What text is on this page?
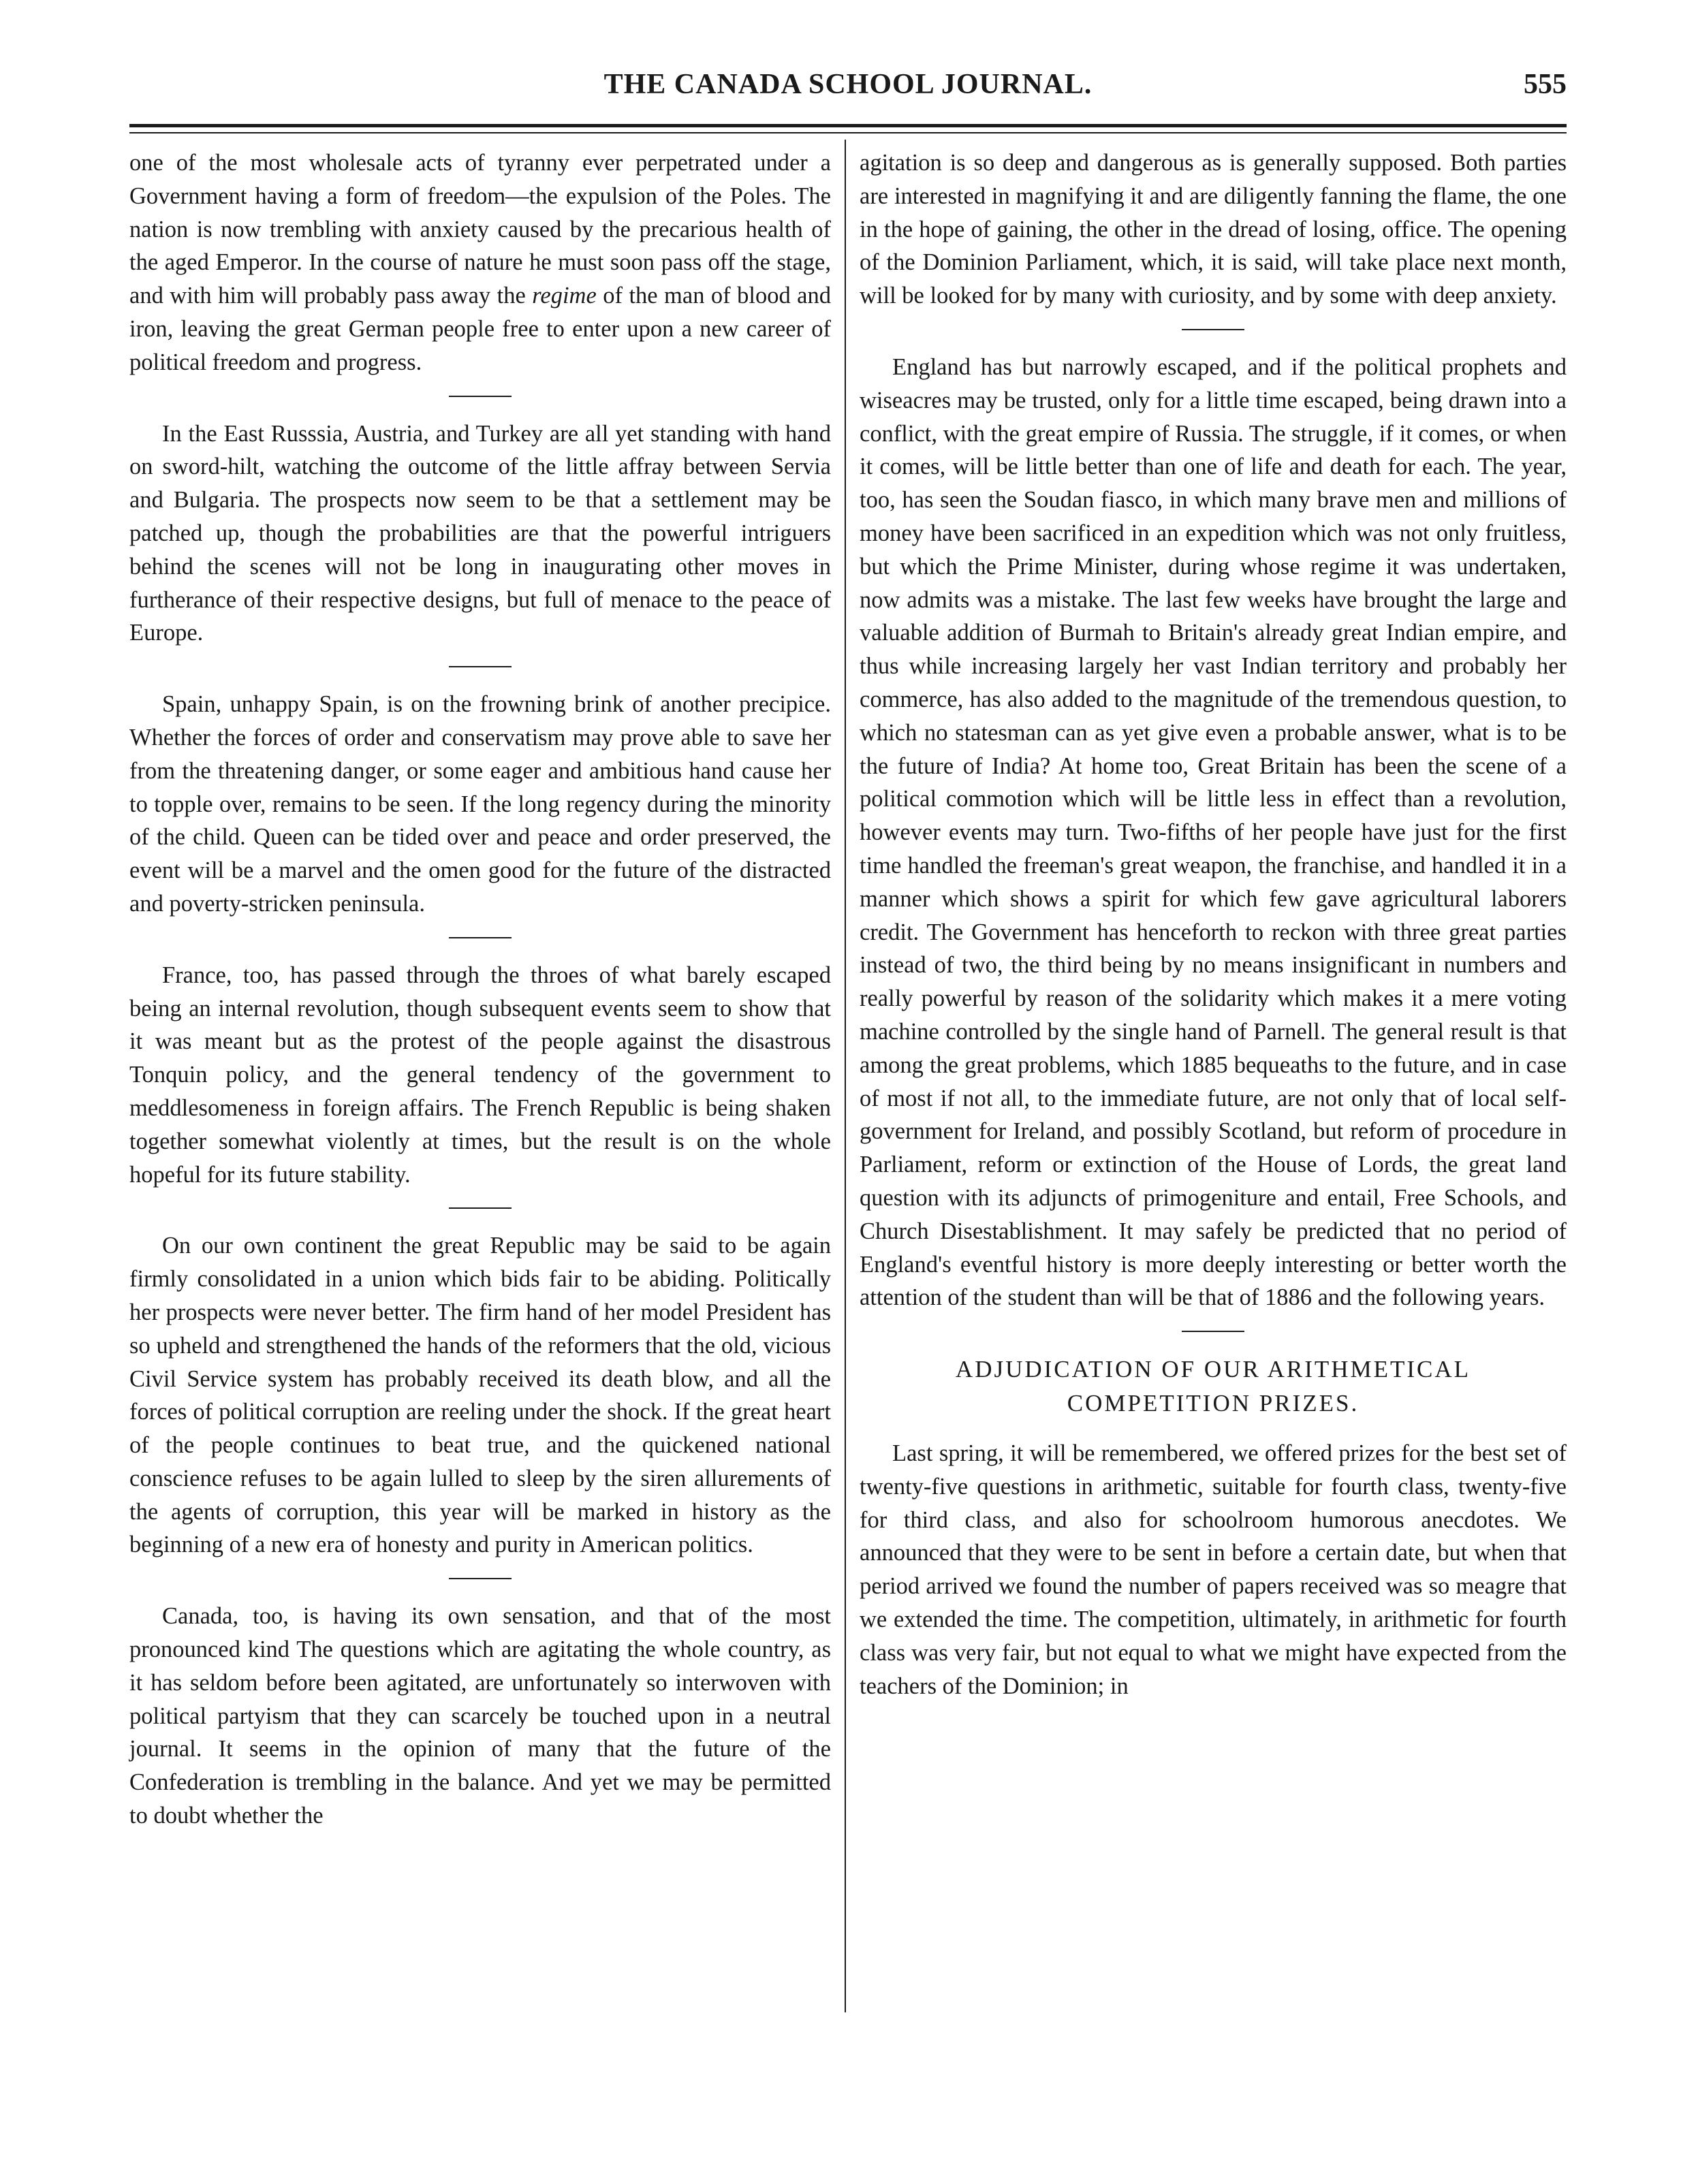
THE CANADA SCHOOL JOURNAL.	555

one of the most wholesale acts of tyranny ever perpetrated under a Government having a form of freedom—the expulsion of the Poles. The nation is now trembling with anxiety caused by the precarious health of the aged Emperor. In the course of nature he must soon pass off the stage, and with him will probably pass away the regime of the man of blood and iron, leaving the great German people free to enter upon a new career of political freedom and progress.

In the East Russsia, Austria, and Turkey are all yet standing with hand on sword-hilt, watching the outcome of the little affray between Servia and Bulgaria. The prospects now seem to be that a settlement may be patched up, though the probabilities are that the powerful intriguers behind the scenes will not be long in inaugurating other moves in furtherance of their respective designs, but full of menace to the peace of Europe.

Spain, unhappy Spain, is on the frowning brink of another precipice. Whether the forces of order and conservatism may prove able to save her from the threatening danger, or some eager and ambitious hand cause her to topple over, remains to be seen. If the long regency during the minority of the child. Queen can be tided over and peace and order preserved, the event will be a marvel and the omen good for the future of the distracted and poverty-stricken peninsula.

France, too, has passed through the throes of what barely escaped being an internal revolution, though subsequent events seem to show that it was meant but as the protest of the people against the disastrous Tonquin policy, and the general tendency of the government to meddlesomeness in foreign affairs. The French Republic is being shaken together somewhat violently at times, but the result is on the whole hopeful for its future stability.

On our own continent the great Republic may be said to be again firmly consolidated in a union which bids fair to be abiding. Politically her prospects were never better. The firm hand of her model President has so upheld and strengthened the hands of the reformers that the old, vicious Civil Service system has probably received its death blow, and all the forces of political corruption are reeling under the shock. If the great heart of the people continues to beat true, and the quickened national conscience refuses to be again lulled to sleep by the siren allurements of the agents of corruption, this year will be marked in history as the beginning of a new era of honesty and purity in American politics.

Canada, too, is having its own sensation, and that of the most pronounced kind The questions which are agitating the whole country, as it has seldom before been agitated, are unfortunately so interwoven with political partyism that they can scarcely be touched upon in a neutral journal. It seems in the opinion of many that the future of the Confederation is trembling in the balance. And yet we may be permitted to doubt whether the

agitation is so deep and dangerous as is generally supposed. Both parties are interested in magnifying it and are diligently fanning the flame, the one in the hope of gaining, the other in the dread of losing, office. The opening of the Dominion Parliament, which, it is said, will take place next month, will be looked for by many with curiosity, and by some with deep anxiety.

England has but narrowly escaped, and if the political prophets and wiseacres may be trusted, only for a little time escaped, being drawn into a conflict, with the great empire of Russia. The struggle, if it comes, or when it comes, will be little better than one of life and death for each. The year, too, has seen the Soudan fiasco, in which many brave men and millions of money have been sacrificed in an expedition which was not only fruitless, but which the Prime Minister, during whose regime it was undertaken, now admits was a mistake. The last few weeks have brought the large and valuable addition of Burmah to Britain's already great Indian empire, and thus while increasing largely her vast Indian territory and probably her commerce, has also added to the magnitude of the tremendous question, to which no statesman can as yet give even a probable answer, what is to be the future of India? At home too, Great Britain has been the scene of a political commotion which will be little less in effect than a revolution, however events may turn. Two-fifths of her people have just for the first time handled the freeman's great weapon, the franchise, and handled it in a manner which shows a spirit for which few gave agricultural laborers credit. The Government has henceforth to reckon with three great parties instead of two, the third being by no means insignificant in numbers and really powerful by reason of the solidarity which makes it a mere voting machine controlled by the single hand of Parnell. The general result is that among the great problems, which 1885 bequeaths to the future, and in case of most if not all, to the immediate future, are not only that of local self-government for Ireland, and possibly Scotland, but reform of procedure in Parliament, reform or extinction of the House of Lords, the great land question with its adjuncts of primogeniture and entail, Free Schools, and Church Disestablishment. It may safely be predicted that no period of England's eventful history is more deeply interesting or better worth the attention of the student than will be that of 1886 and the following years.

ADJUDICATION OF OUR ARITHMETICAL COMPETITION PRIZES.

Last spring, it will be remembered, we offered prizes for the best set of twenty-five questions in arithmetic, suitable for fourth class, twenty-five for third class, and also for schoolroom humorous anecdotes. We announced that they were to be sent in before a certain date, but when that period arrived we found the number of papers received was so meagre that we extended the time. The competition, ultimately, in arithmetic for fourth class was very fair, but not equal to what we might have expected from the teachers of the Dominion; in
